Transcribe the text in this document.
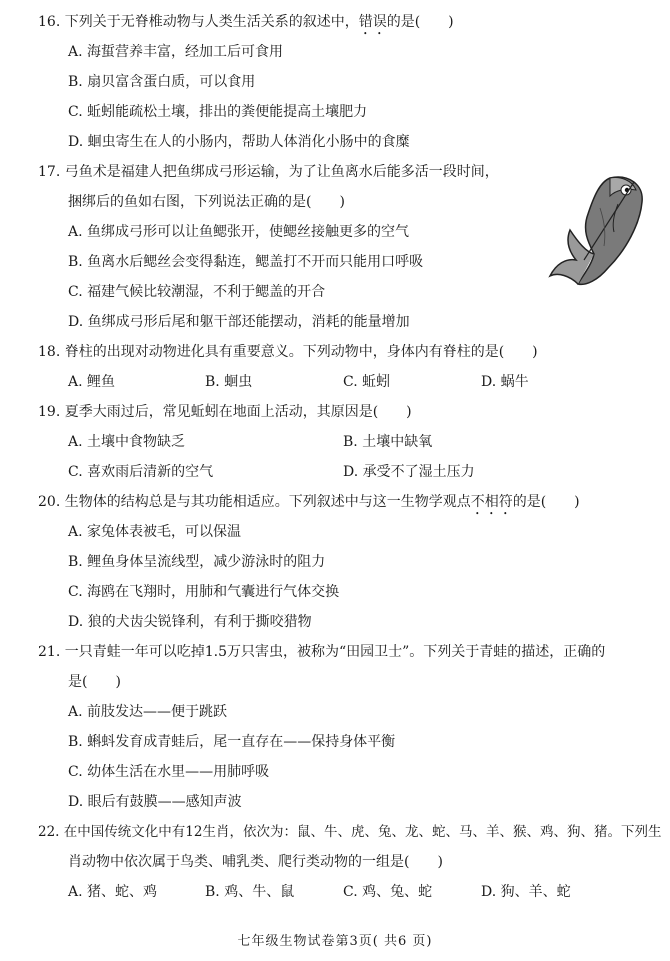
16. 下列关于无脊椎动物与人类生活关系的叙述中，错误的是(　　)
A. 海蜇营养丰富，经加工后可食用
B. 扇贝富含蛋白质，可以食用
C. 蚯蚓能疏松土壤，排出的粪便能提高土壤肥力
D. 蛔虫寄生在人的小肠内，帮助人体消化小肠中的食糜
17. 弓鱼术是福建人把鱼绑成弓形运输，为了让鱼离水后能多活一段时间，
捆绑后的鱼如右图，下列说法正确的是(　　)
A. 鱼绑成弓形可以让鱼鳃张开，使鳃丝接触更多的空气
B. 鱼离水后鳃丝会变得黏连，鳃盖打不开而只能用口呼吸
C. 福建气候比较潮湿，不利于鳃盖的开合
D. 鱼绑成弓形后尾和躯干部还能摆动，消耗的能量增加
18. 脊柱的出现对动物进化具有重要意义。下列动物中，身体内有脊柱的是(　　)
A. 鲤鱼	B. 蛔虫	C. 蚯蚓	D. 蜗牛
19. 夏季大雨过后，常见蚯蚓在地面上活动，其原因是(　　)
A. 土壤中食物缺乏	B. 土壤中缺氧
C. 喜欢雨后清新的空气	D. 承受不了湿土压力
20. 生物体的结构总是与其功能相适应。下列叙述中与这一生物学观点不相符的是(　　)
A. 家兔体表被毛，可以保温
B. 鲤鱼身体呈流线型，减少游泳时的阻力
C. 海鸥在飞翔时，用肺和气囊进行气体交换
D. 狼的犬齿尖锐锋利，有利于撕咬猎物
21. 一只青蛙一年可以吃掉1.5万只害虫，被称为“田园卫士”。下列关于青蛙的描述，正确的
是(　　)
A. 前肢发达——便于跳跃
B. 蝌蚪发育成青蛙后，尾一直存在——保持身体平衡
C. 幼体生活在水里——用肺呼吸
D. 眼后有鼓膜——感知声波
22. 在中国传统文化中有12生肖，依次为：鼠、牛、虎、兔、龙、蛇、马、羊、猴、鸡、狗、猪。下列生
肖动物中依次属于鸟类、哺乳类、爬行类动物的一组是(　　)
A. 猪、蛇、鸡	B. 鸡、牛、鼠	C. 鸡、兔、蛇	D. 狗、羊、蛇
七年级生物试卷第3页( 共6 页)
